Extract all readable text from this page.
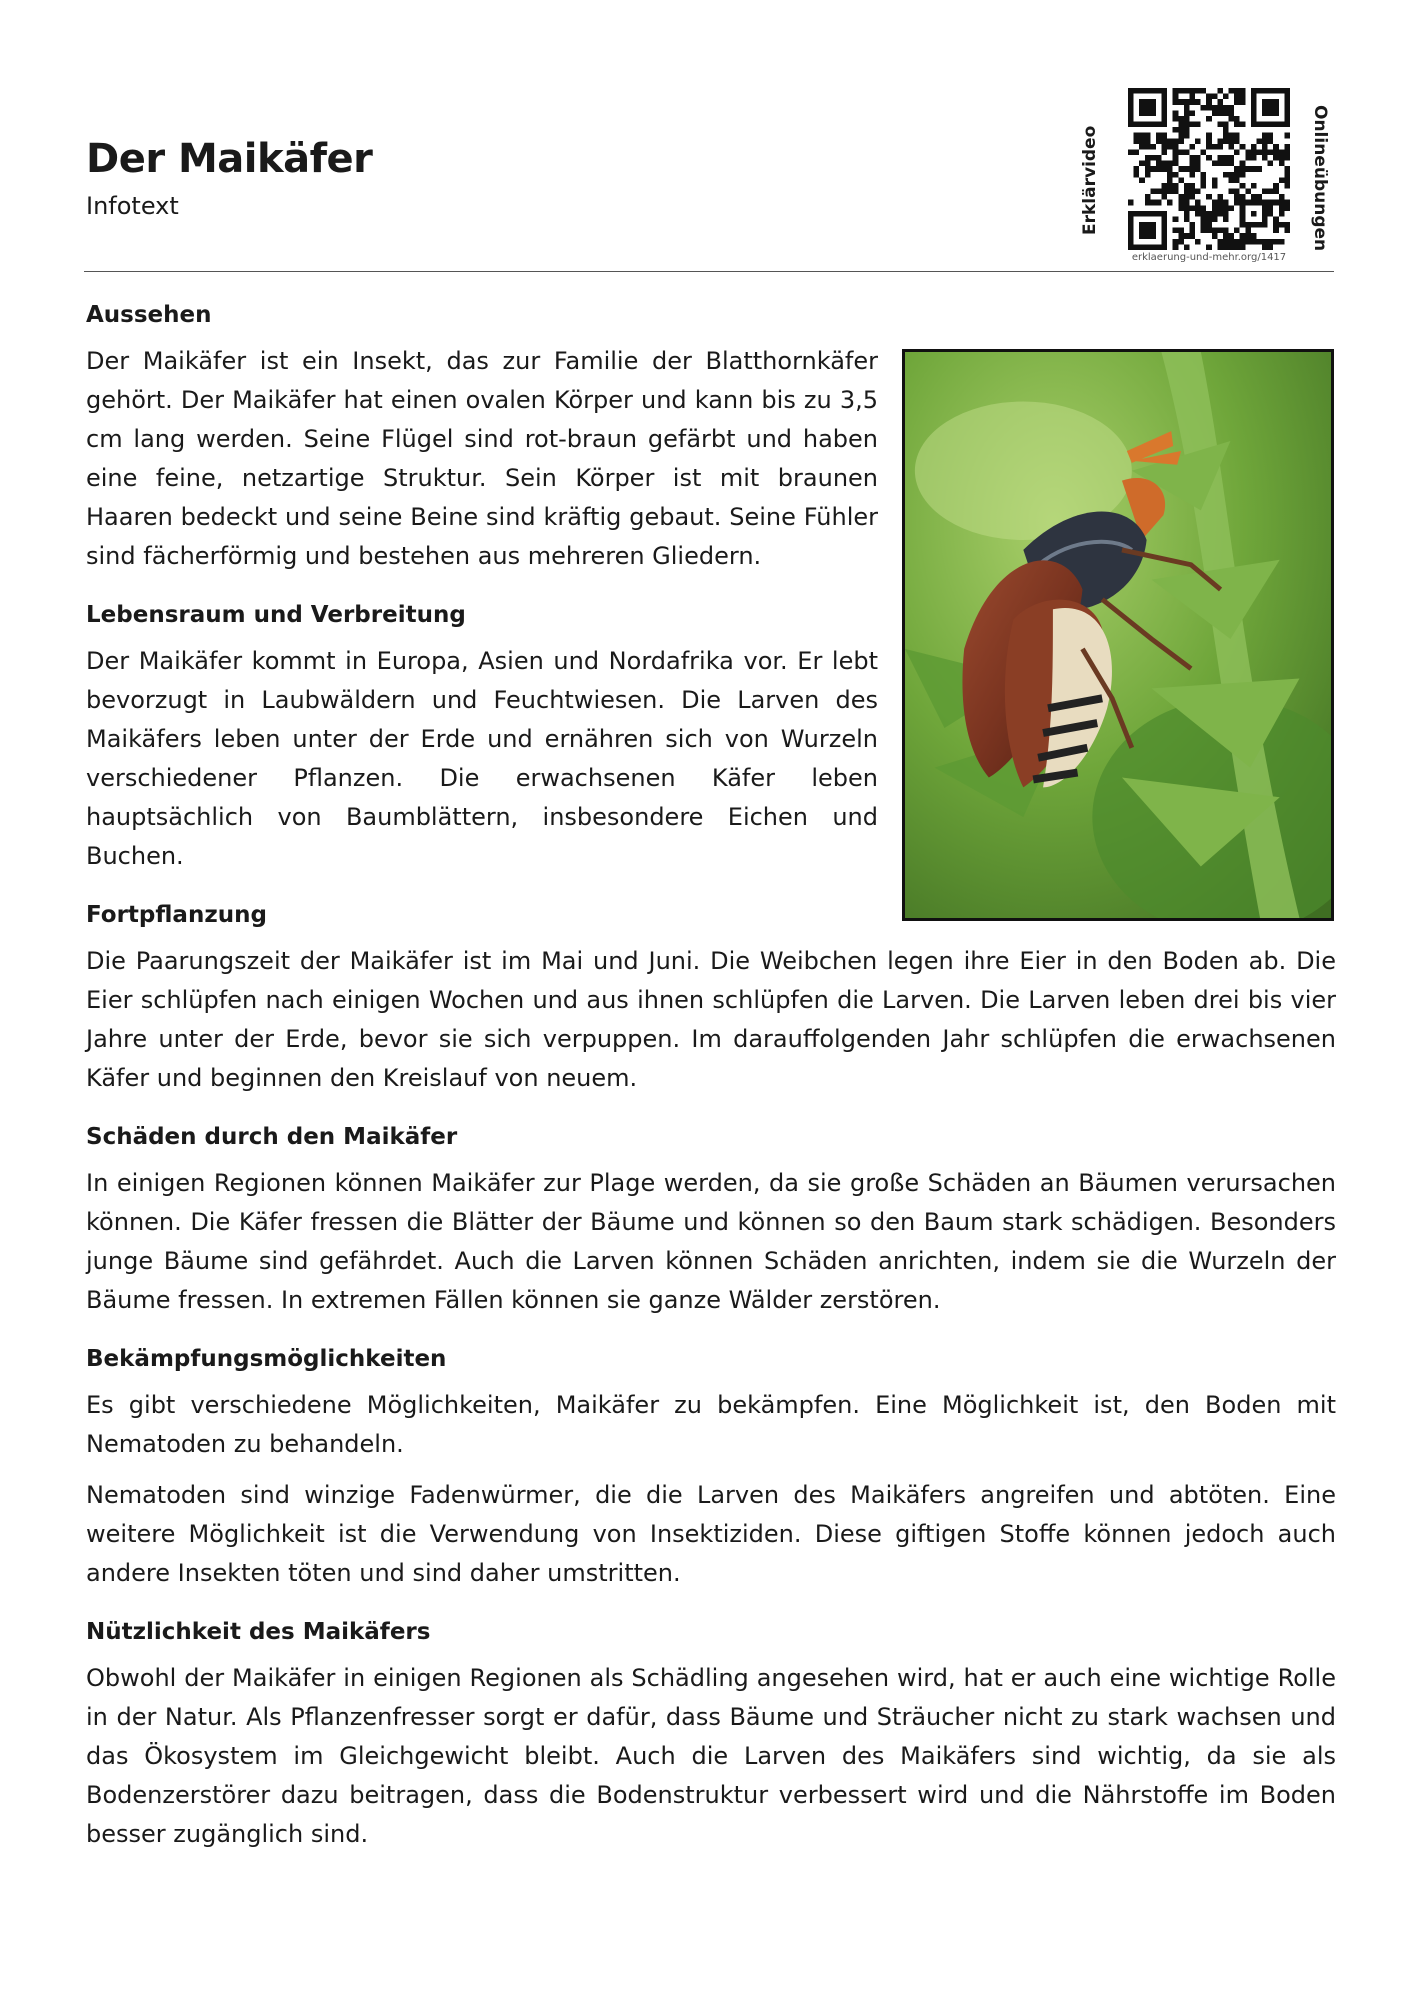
Der Maikäfer
Infotext	Erklärvideo
erklaerung-und-mehr.org/1417
Onlineübungen
Aussehen

Der Maikäfer ist ein Insekt, das zur Familie der Blatthornkäfer gehört. Der Maikäfer hat einen ovalen Körper und kann bis zu 3,5 cm lang werden. Seine Flügel sind rot-braun gefärbt und haben eine feine, netzartige Struktur. Sein Körper ist mit braunen Haaren bedeckt und seine Beine sind kräftig gebaut. Seine Fühler sind fächerförmig und bestehen aus mehreren Gliedern.

Lebensraum und Verbreitung

Der Maikäfer kommt in Europa, Asien und Nordafrika vor. Er lebt bevorzugt in Laubwäldern und Feuchtwiesen. Die Larven des Maikäfers leben unter der Erde und ernähren sich von Wurzeln verschiedener Pflanzen. Die erwachsenen Käfer leben hauptsächlich von Baumblättern, insbesondere Eichen und Buchen.

Fortpflanzung

Die Paarungszeit der Maikäfer ist im Mai und Juni. Die Weibchen legen ihre Eier in den Boden ab. Die Eier schlüpfen nach einigen Wochen und aus ihnen schlüpfen die Larven. Die Larven leben drei bis vier Jahre unter der Erde, bevor sie sich verpuppen. Im darauffolgenden Jahr schlüpfen die erwachsenen Käfer und beginnen den Kreislauf von neuem.

Schäden durch den Maikäfer

In einigen Regionen können Maikäfer zur Plage werden, da sie große Schäden an Bäumen verursachen können. Die Käfer fressen die Blätter der Bäume und können so den Baum stark schädigen. Besonders junge Bäume sind gefährdet. Auch die Larven können Schäden anrichten, indem sie die Wurzeln der Bäume fressen. In extremen Fällen können sie ganze Wälder zerstören.

Bekämpfungsmöglichkeiten

Es gibt verschiedene Möglichkeiten, Maikäfer zu bekämpfen. Eine Möglichkeit ist, den Boden mit Nematoden zu behandeln.

Nematoden sind winzige Fadenwürmer, die die Larven des Maikäfers angreifen und abtöten. Eine weitere Möglichkeit ist die Verwendung von Insektiziden. Diese giftigen Stoffe können jedoch auch andere Insekten töten und sind daher umstritten.

Nützlichkeit des Maikäfers

Obwohl der Maikäfer in einigen Regionen als Schädling angesehen wird, hat er auch eine wichtige Rolle in der Natur. Als Pflanzenfresser sorgt er dafür, dass Bäume und Sträucher nicht zu stark wachsen und das Ökosystem im Gleichgewicht bleibt. Auch die Larven des Maikäfers sind wichtig, da sie als Bodenzerstörer dazu beitragen, dass die Bodenstruktur verbessert wird und die Nährstoffe im Boden besser zugänglich sind.
